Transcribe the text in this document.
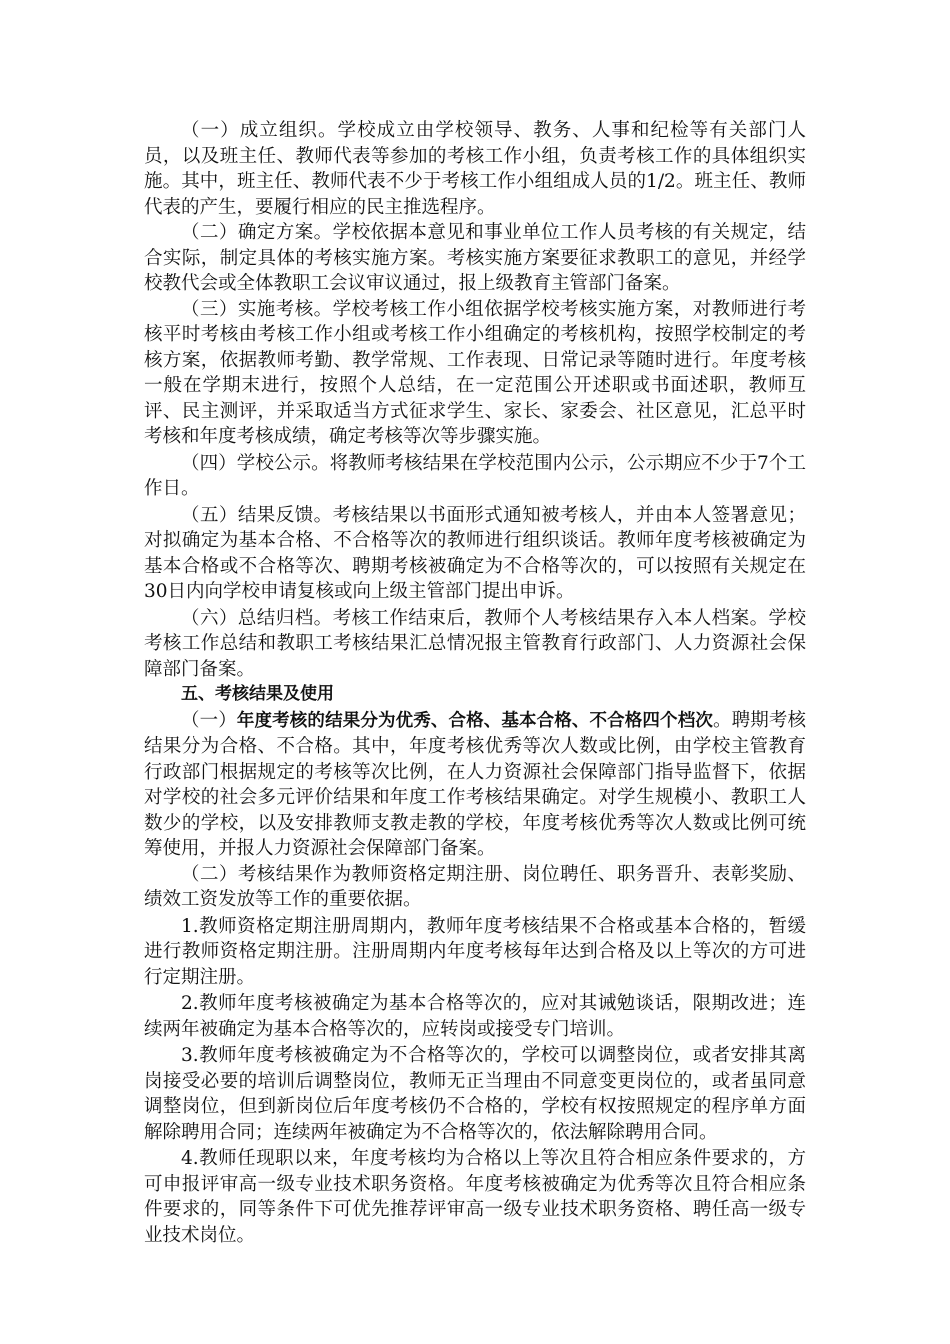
（一）成立组织。学校成立由学校领导、教务、人事和纪检等有关部门人员，以及班主任、教师代表等参加的考核工作小组，负责考核工作的具体组织实施。其中，班主任、教师代表不少于考核工作小组组成人员的1/2。班主任、教师代表的产生，要履行相应的民主推选程序。

（二）确定方案。学校依据本意见和事业单位工作人员考核的有关规定，结合实际，制定具体的考核实施方案。考核实施方案要征求教职工的意见，并经学校教代会或全体教职工会议审议通过，报上级教育主管部门备案。

（三）实施考核。学校考核工作小组依据学校考核实施方案，对教师进行考核平时考核由考核工作小组或考核工作小组确定的考核机构，按照学校制定的考核方案，依据教师考勤、教学常规、工作表现、日常记录等随时进行。年度考核一般在学期末进行，按照个人总结，在一定范围公开述职或书面述职，教师互评、民主测评，并采取适当方式征求学生、家长、家委会、社区意见，汇总平时考核和年度考核成绩，确定考核等次等步骤实施。

（四）学校公示。将教师考核结果在学校范围内公示，公示期应不少于7个工作日。

（五）结果反馈。考核结果以书面形式通知被考核人，并由本人签署意见；对拟确定为基本合格、不合格等次的教师进行组织谈话。教师年度考核被确定为基本合格或不合格等次、聘期考核被确定为不合格等次的，可以按照有关规定在30日内向学校申请复核或向上级主管部门提出申诉。

（六）总结归档。考核工作结束后，教师个人考核结果存入本人档案。学校考核工作总结和教职工考核结果汇总情况报主管教育行政部门、人力资源社会保障部门备案。

五、考核结果及使用

（一）年度考核的结果分为优秀、合格、基本合格、不合格四个档次。聘期考核结果分为合格、不合格。其中，年度考核优秀等次人数或比例，由学校主管教育行政部门根据规定的考核等次比例，在人力资源社会保障部门指导监督下，依据对学校的社会多元评价结果和年度工作考核结果确定。对学生规模小、教职工人数少的学校，以及安排教师支教走教的学校，年度考核优秀等次人数或比例可统筹使用，并报人力资源社会保障部门备案。

（二）考核结果作为教师资格定期注册、岗位聘任、职务晋升、表彰奖励、绩效工资发放等工作的重要依据。

1.教师资格定期注册周期内，教师年度考核结果不合格或基本合格的，暂缓进行教师资格定期注册。注册周期内年度考核每年达到合格及以上等次的方可进行定期注册。

2.教师年度考核被确定为基本合格等次的，应对其诫勉谈话，限期改进；连续两年被确定为基本合格等次的，应转岗或接受专门培训。

3.教师年度考核被确定为不合格等次的，学校可以调整岗位，或者安排其离岗接受必要的培训后调整岗位，教师无正当理由不同意变更岗位的，或者虽同意调整岗位，但到新岗位后年度考核仍不合格的，学校有权按照规定的程序单方面解除聘用合同；连续两年被确定为不合格等次的，依法解除聘用合同。

4.教师任现职以来，年度考核均为合格以上等次且符合相应条件要求的，方可申报评审高一级专业技术职务资格。年度考核被确定为优秀等次且符合相应条件要求的，同等条件下可优先推荐评审高一级专业技术职务资格、聘任高一级专业技术岗位。
